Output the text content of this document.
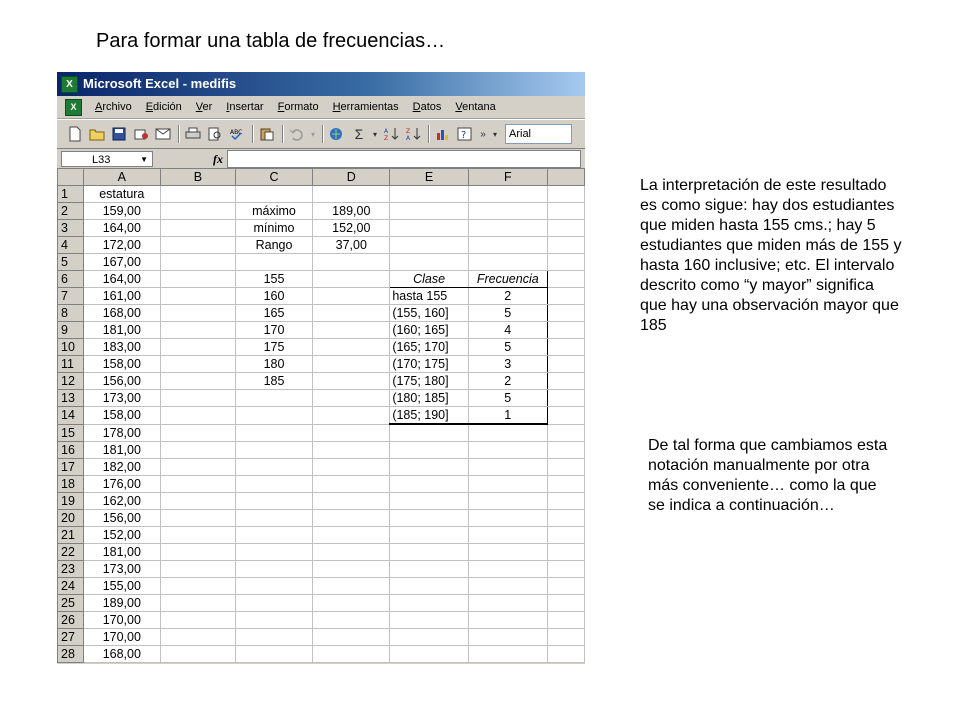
Para formar una tabla de frecuencias…
X Microsoft Excel - medifis
X	Archivo	Edición	Ver	Insertar	Formato	Herramientas	Datos	Ventana
ABC	▾	Σ	▾	A
Z
Z
A	?	» ▾	Arial
L33	▼	fx
	A	B	C	D	E	F	
1	estatura						
2	159,00		máximo	189,00			
3	164,00		mínimo	152,00			
4	172,00		Rango	37,00			
5	167,00						
6	164,00		155		Clase	Frecuencia	
7	161,00		160		hasta 155	2	
8	168,00		165		(155, 160]	5	
9	181,00		170		(160; 165]	4	
10	183,00		175		(165; 170]	5	
11	158,00		180		(170; 175]	3	
12	156,00		185		(175; 180]	2	
13	173,00				(180; 185]	5	
14	158,00				(185; 190]	1	
15	178,00						
16	181,00						
17	182,00						
18	176,00						
19	162,00						
20	156,00						
21	152,00						
22	181,00						
23	173,00						
24	155,00						
25	189,00						
26	170,00						
27	170,00						
28	168,00						
La interpretación de este resultado es como sigue: hay dos estudiantes que miden hasta 155 cms.; hay 5 estudiantes que miden más de 155 y hasta 160 inclusive; etc. El intervalo descrito como “y mayor” significa que hay una observación mayor que 185
De tal forma que cambiamos esta notación manualmente por otra más conveniente… como la que se indica a continuación…
